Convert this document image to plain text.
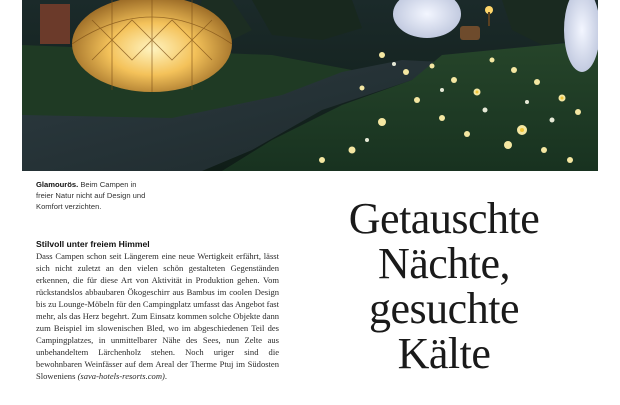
Glamourös. Beim Campen in freier Natur nicht auf Design und Komfort verzichten.
Stilvoll unter freiem Himmel

Dass Campen schon seit Längerem eine neue Wertigkeit erfährt, lässt sich nicht zuletzt an den vielen schön gestalteten Gegenständen erkennen, die für diese Art von Aktivität in Produktion gehen. Vom rückstandslos abbaubaren Ökogeschirr aus Bambus im coolen Design bis zu Lounge-Möbeln für den Campingplatz umfasst das Angebot fast mehr, als das Herz begehrt. Zum Einsatz kommen solche Objekte dann zum Beispiel im slowenischen Bled, wo im abgeschiedenen Teil des Campingplatzes, in unmittelbarer Nähe des Sees, nun Zelte aus unbehandeltem Lärchenholz stehen. Noch uriger sind die bewohnbaren Weinfässer auf dem Areal der Therme Ptuj im Südosten Sloweniens (sava-hotels-resorts.com).

Getauschte
Nächte,
gesuchte
Kälte
